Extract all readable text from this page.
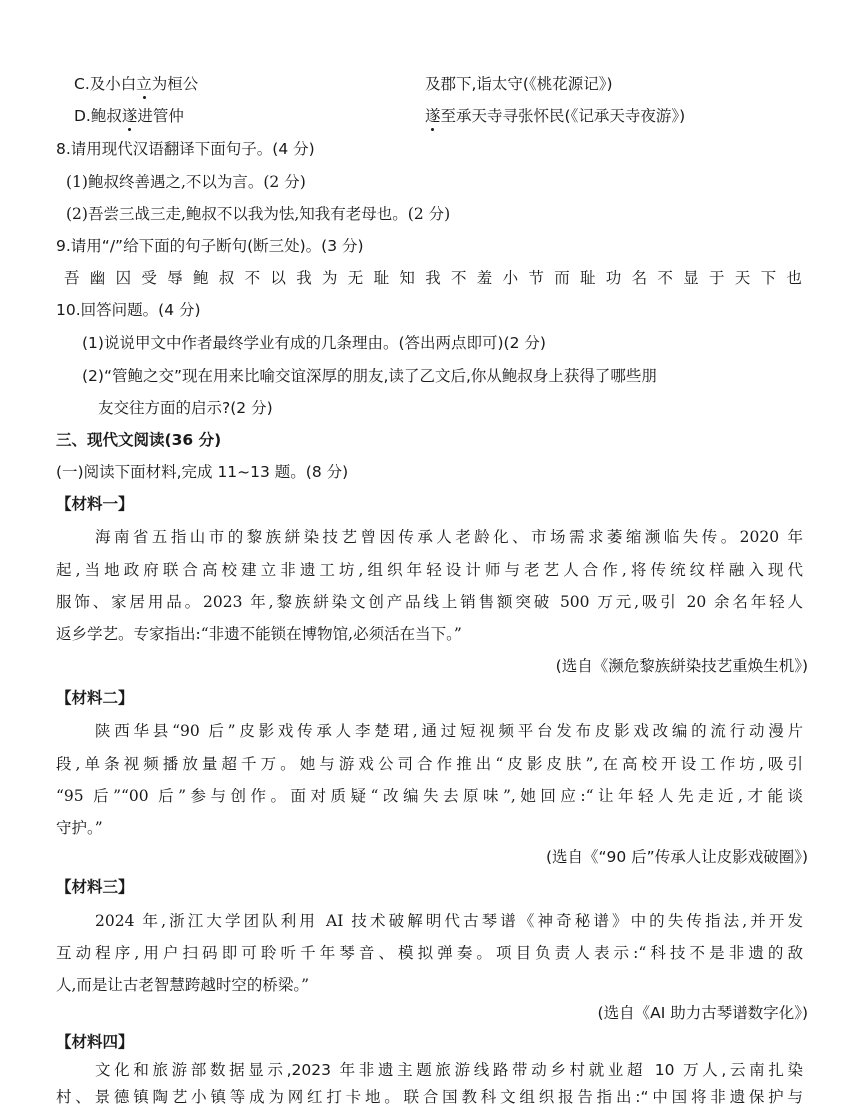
C.及小白立为桓公	及郡下,诣太守(《桃花源记》)
D.鲍叔遂进管仲	遂至承天寺寻张怀民(《记承天寺夜游》)
8.请用现代汉语翻译下面句子。(4 分)
(1)鲍叔终善遇之,不以为言。(2 分)
(2)吾尝三战三走,鲍叔不以我为怯,知我有老母也。(2 分)
9.请用“/”给下面的句子断句(断三处)。(3 分)
吾幽囚受辱鲍叔不以我为无耻知我不羞小节而耻功名不显于天下也
10.回答问题。(4 分)
(1)说说甲文中作者最终学业有成的几条理由。(答出两点即可)(2 分)
(2)“管鲍之交”现在用来比喻交谊深厚的朋友,读了乙文后,你从鲍叔身上获得了哪些朋
友交往方面的启示?(2 分)
三、现代文阅读(36 分)
(一)阅读下面材料,完成 11~13 题。(8 分)
【材料一】
海南省五指山市的黎族絣染技艺曾因传承人老龄化、市场需求萎缩濒临失传。2020 年
起,当地政府联合高校建立非遗工坊,组织年轻设计师与老艺人合作,将传统纹样融入现代
服饰、家居用品。2023 年,黎族絣染文创产品线上销售额突破 500 万元,吸引 20 余名年轻人
返乡学艺。专家指出:“非遗不能锁在博物馆,必须活在当下。”
(选自《濒危黎族絣染技艺重焕生机》)
【材料二】
陕西华县“90 后”皮影戏传承人李楚珺,通过短视频平台发布皮影戏改编的流行动漫片
段,单条视频播放量超千万。她与游戏公司合作推出“皮影皮肤”,在高校开设工作坊,吸引
“95 后”“00 后”参与创作。面对质疑“改编失去原味”,她回应:“让年轻人先走近,才能谈
守护。”
(选自《“90 后”传承人让皮影戏破圈》)
【材料三】
2024 年,浙江大学团队利用 AI 技术破解明代古琴谱《神奇秘谱》中的失传指法,并开发
互动程序,用户扫码即可聆听千年琴音、模拟弹奏。项目负责人表示:“科技不是非遗的敌
人,而是让古老智慧跨越时空的桥梁。”
(选自《AI 助力古琴谱数字化》)
【材料四】
文化和旅游部数据显示,2023 年非遗主题旅游线路带动乡村就业超 10 万人,云南扎染
村、景德镇陶艺小镇等成为网红打卡地。联合国教科文组织报告指出:“中国将非遗保护与
